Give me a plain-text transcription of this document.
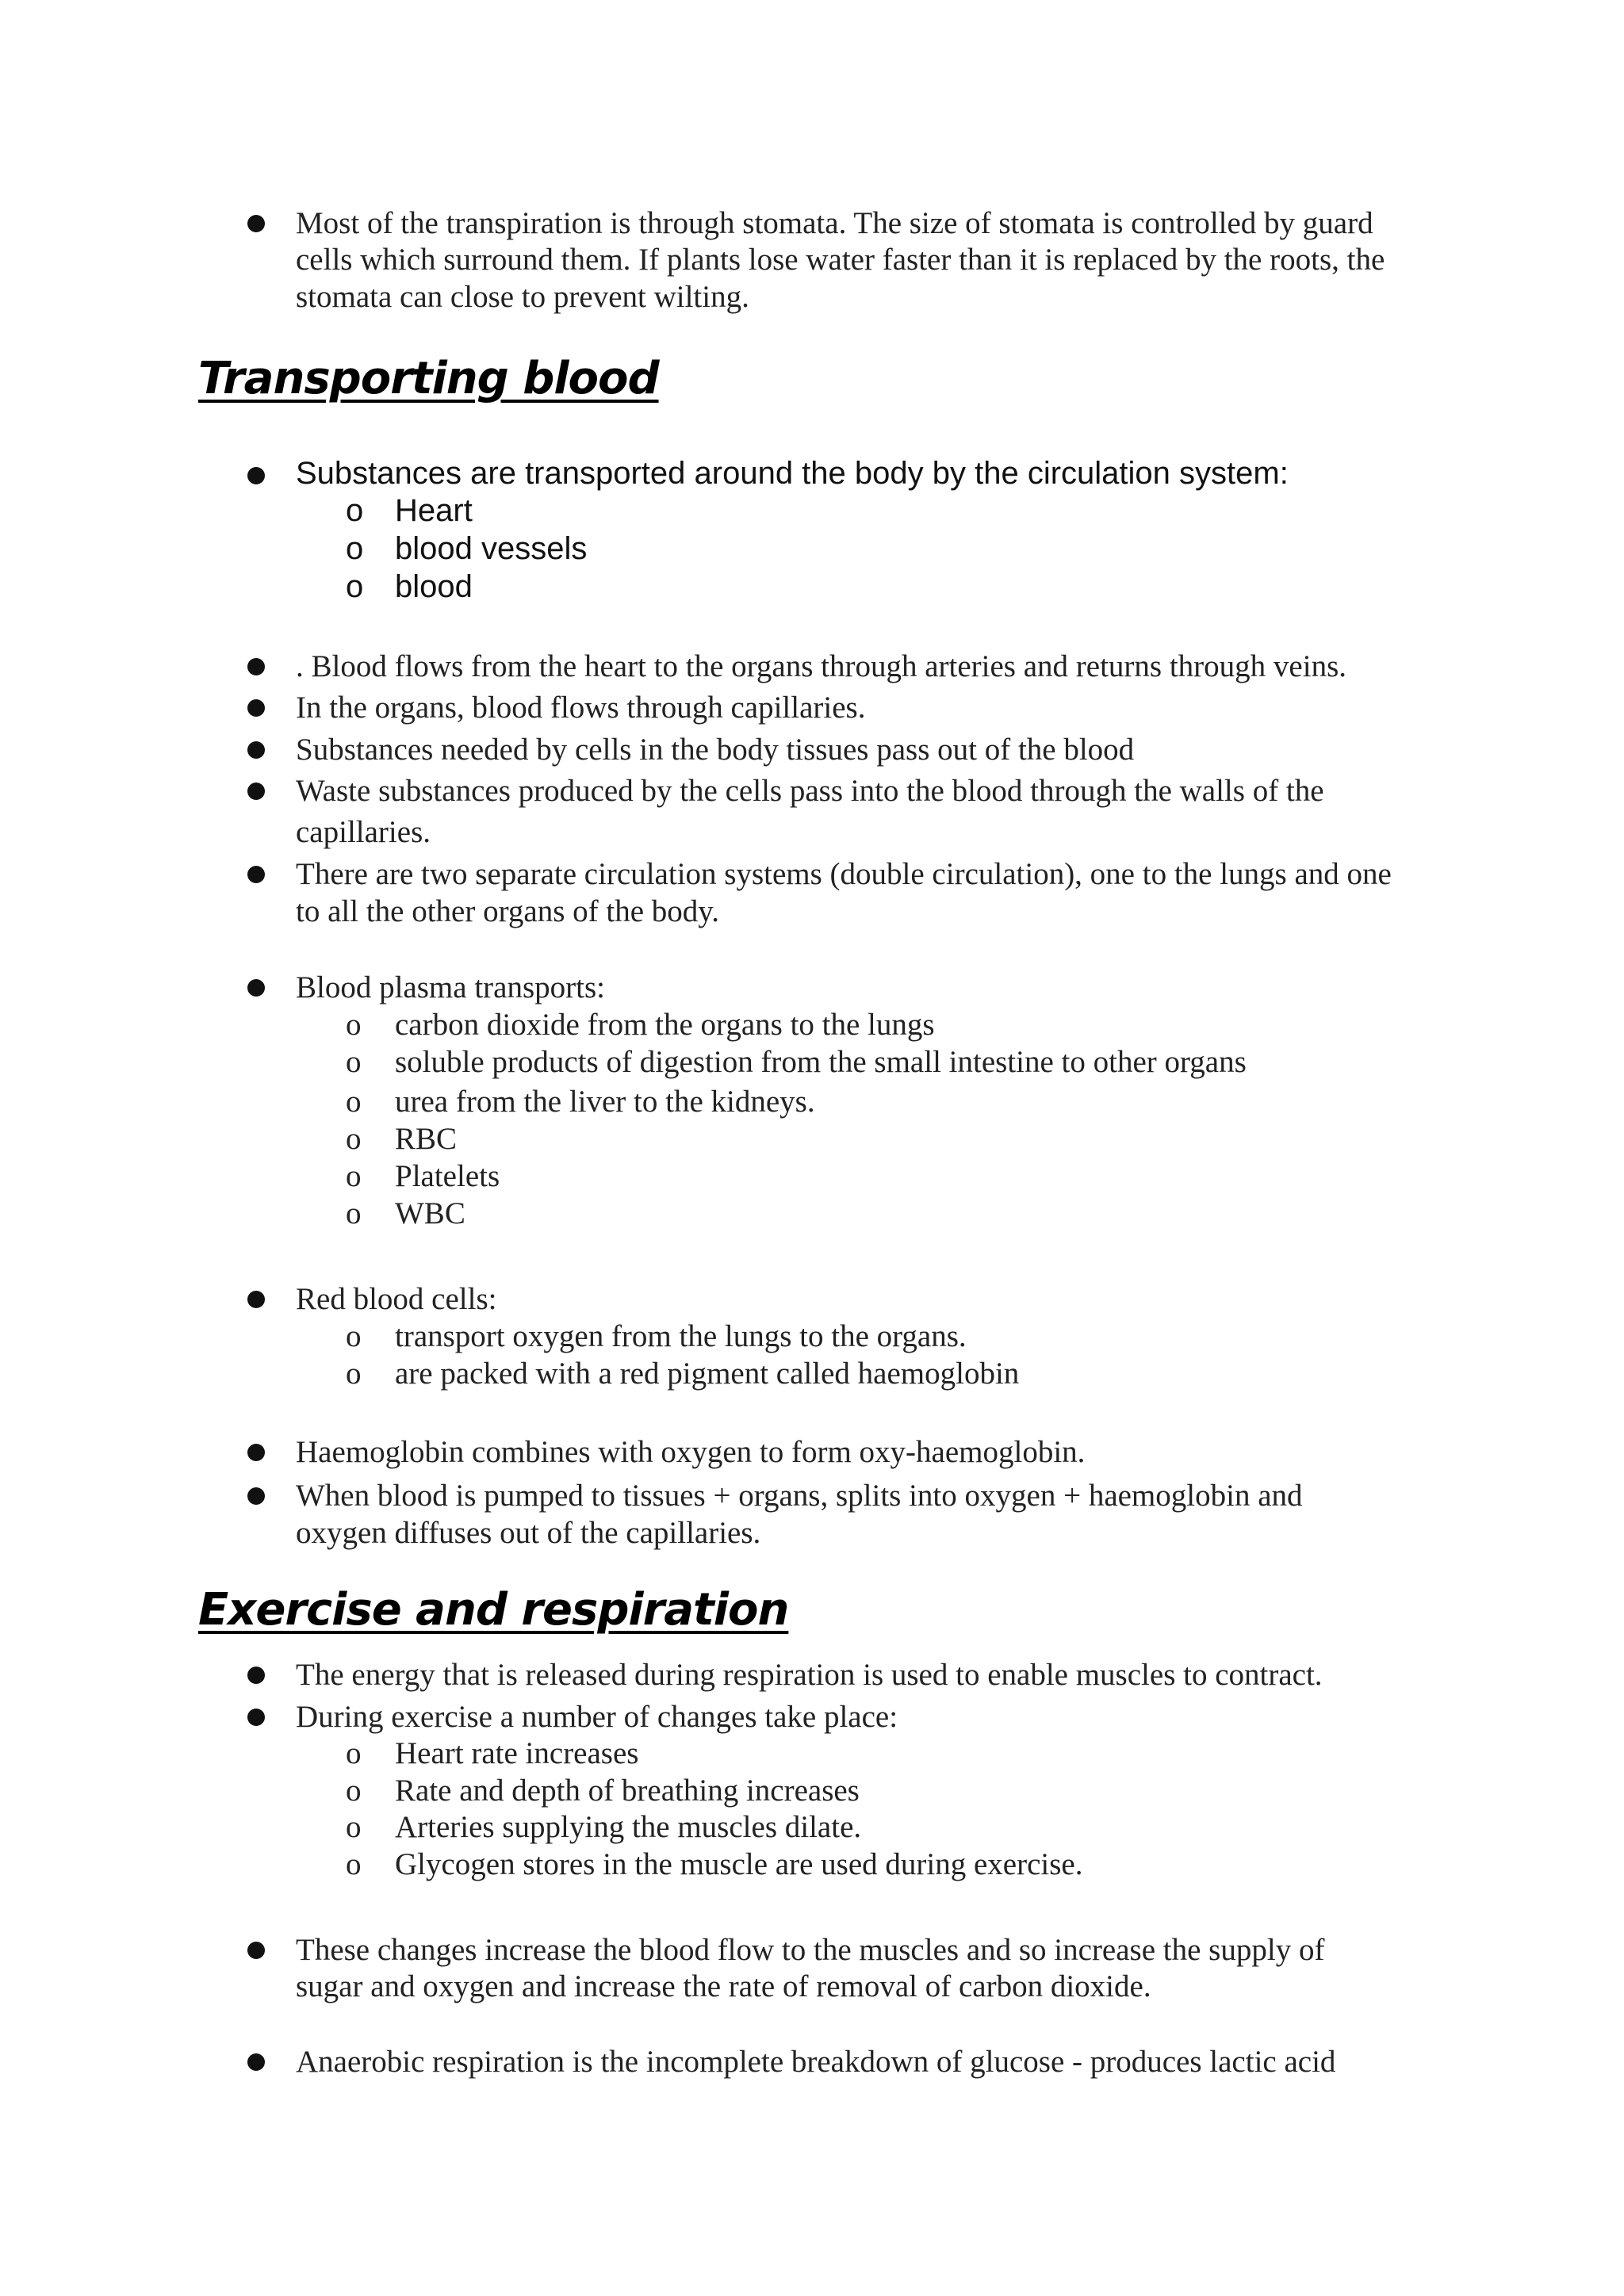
Most of the transpiration is through stomata. The size of stomata is controlled by guard
cells which surround them. If plants lose water faster than it is replaced by the roots, the
stomata can close to prevent wilting.
Transporting blood
Substances are transported around the body by the circulation system:
o Heart
o blood vessels
o blood
. Blood flows from the heart to the organs through arteries and returns through veins.
In the organs, blood flows through capillaries.
Substances needed by cells in the body tissues pass out of the blood
Waste substances produced by the cells pass into the blood through the walls of the
capillaries.
There are two separate circulation systems (double circulation), one to the lungs and one
to all the other organs of the body.
Blood plasma transports:
o carbon dioxide from the organs to the lungs
o soluble products of digestion from the small intestine to other organs
o urea from the liver to the kidneys.
o RBC
o Platelets
o WBC
Red blood cells:
o transport oxygen from the lungs to the organs.
o are packed with a red pigment called haemoglobin
Haemoglobin combines with oxygen to form oxy-haemoglobin.
When blood is pumped to tissues + organs, splits into oxygen + haemoglobin and
oxygen diffuses out of the capillaries.
Exercise and respiration
The energy that is released during respiration is used to enable muscles to contract.
During exercise a number of changes take place:
o Heart rate increases
o Rate and depth of breathing increases
o Arteries supplying the muscles dilate.
o Glycogen stores in the muscle are used during exercise.
These changes increase the blood flow to the muscles and so increase the supply of
sugar and oxygen and increase the rate of removal of carbon dioxide.
Anaerobic respiration is the incomplete breakdown of glucose - produces lactic acid
